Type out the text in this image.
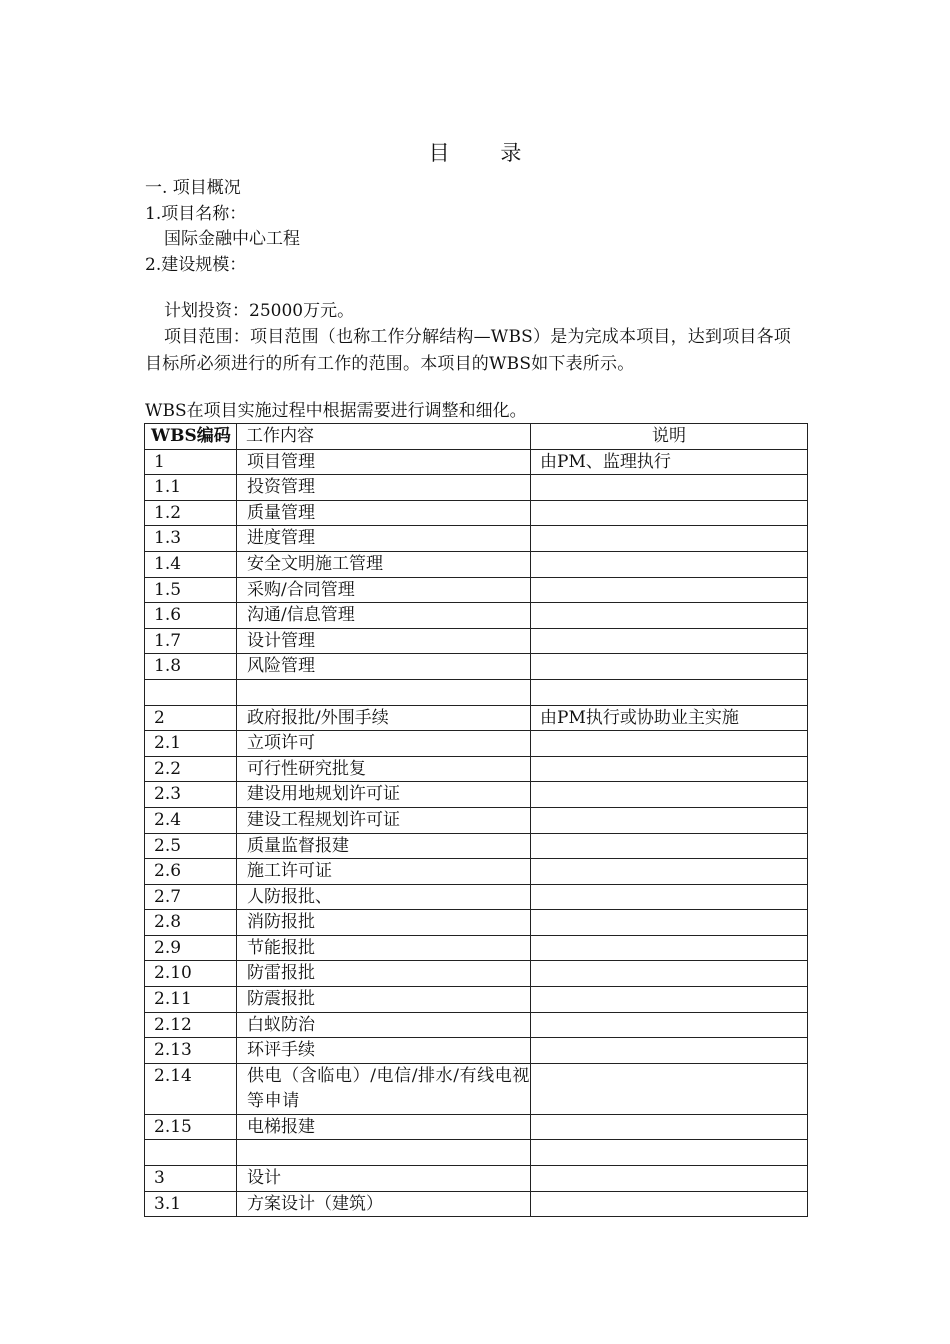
目 录
一. 项目概况
1.项目名称：
国际金融中心工程
2.建设规模：
计划投资：25000万元。
项目范围：项目范围（也称工作分解结构—WBS）是为完成本项目，达到项目各项目标所必须进行的所有工作的范围。本项目的WBS如下表所示。
WBS在项目实施过程中根据需要进行调整和细化。
WBS编码	工作内容	说明
1	项目管理	由PM、监理执行
1.1	投资管理	
1.2	质量管理	
1.3	进度管理	
1.4	安全文明施工管理	
1.5	采购/合同管理	
1.6	沟通/信息管理	
1.7	设计管理	
1.8	风险管理	

2	政府报批/外围手续	由PM执行或协助业主实施
2.1	立项许可	
2.2	可行性研究批复	
2.3	建设用地规划许可证	
2.4	建设工程规划许可证	
2.5	质量监督报建	
2.6	施工许可证	
2.7	人防报批、	
2.8	消防报批	
2.9	节能报批	
2.10	防雷报批	
2.11	防震报批	
2.12	白蚁防治	
2.13	环评手续	
2.14	供电（含临电）/电信/排水/有线电视等申请	
2.15	电梯报建	

3	设计	
3.1	方案设计（建筑）	
